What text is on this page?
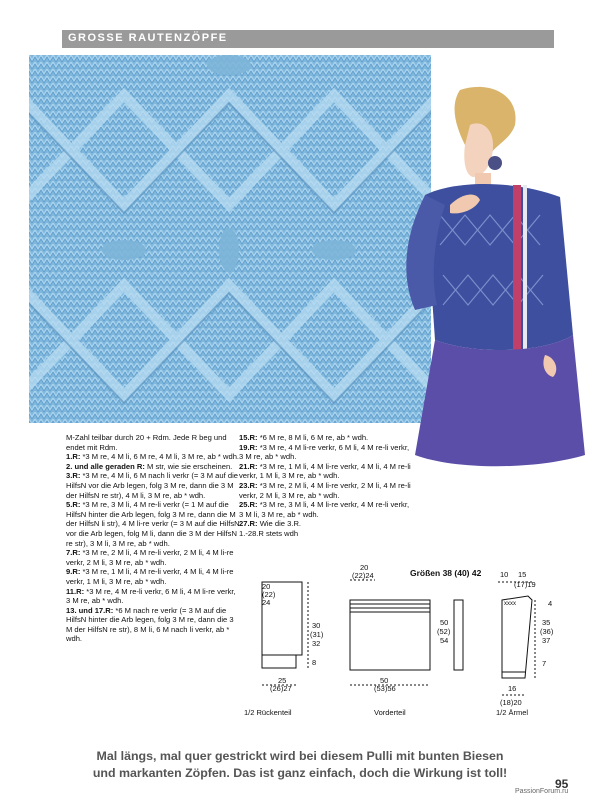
GROSSE RAUTENZÖPFE
M-Zahl teilbar durch 20 + Rdm. Jede R beg und endet mit Rdm.
1.R: *3 M re, 4 M li, 6 M re, 4 M li, 3 M re, ab * wdh.
2. und alle geraden R: M str, wie sie erscheinen.
3.R: *3 M re, 4 M li, 6 M nach li verkr (= 3 M auf die HilfsN vor die Arb legen, folg 3 M re, dann die 3 M der HilfsN re str), 4 M li, 3 M re, ab * wdh.
5.R: *3 M re, 3 M li, 4 M re-li verkr (= 1 M auf die HilfsN hinter die Arb legen, folg 3 M re, dann die M der HilfsN li str), 4 M li-re verkr (= 3 M auf die HilfsN vor die Arb legen, folg M li, dann die 3 M der HilfsN re str), 3 M li, 3 M re, ab * wdh.
7.R: *3 M re, 2 M li, 4 M re-li verkr, 2 M li, 4 M li-re verkr, 2 M li, 3 M re, ab * wdh.
9.R: *3 M re, 1 M li, 4 M re-li verkr, 4 M li, 4 M li-re verkr, 1 M li, 3 M re, ab * wdh.
11.R: *3 M re, 4 M re-li verkr, 6 M li, 4 M li-re verkr, 3 M re, ab * wdh.
13. und 17.R: *6 M nach re verkr (= 3 M auf die HilfsN hinter die Arb legen, folg 3 M re, dann die 3 M der HilfsN re str), 8 M li, 6 M nach li verkr, ab * wdh.
15.R: *6 M re, 8 M li, 6 M re, ab * wdh.
19.R: *3 M re, 4 M li-re verkr, 6 M li, 4 M re-li verkr, 3 M re, ab * wdh.
21.R: *3 M re, 1 M li, 4 M li-re verkr, 4 M li, 4 M re-li verkr, 1 M li, 3 M re, ab * wdh.
23.R: *3 M re, 2 M li, 4 M li-re verkr, 2 M li, 4 M re-li verkr, 2 M li, 3 M re, ab * wdh.
25.R: *3 M re, 3 M li, 4 M li-re verkr, 4 M re-li verkr, 3 M li, 3 M re, ab * wdh.
27.R: Wie die 3.R.
1.-28.R stets wdh
Größen 38 (40) 42
xxxx
20
(22)
24
30
(31)
32
8
25
(26)27
1/2 Rückenteil
20
(22)24
50
(53)56
Vorderteil
50
(52)
54
10 15
(17)19
4
35
(36)
37
7
16
(18)20
1/2 Ärmel
Mal längs, mal quer gestrickt wird bei diesem Pulli mit bunten Biesen
und markanten Zöpfen. Das ist ganz einfach, doch die Wirkung ist toll!
95
PassionForum.ru
